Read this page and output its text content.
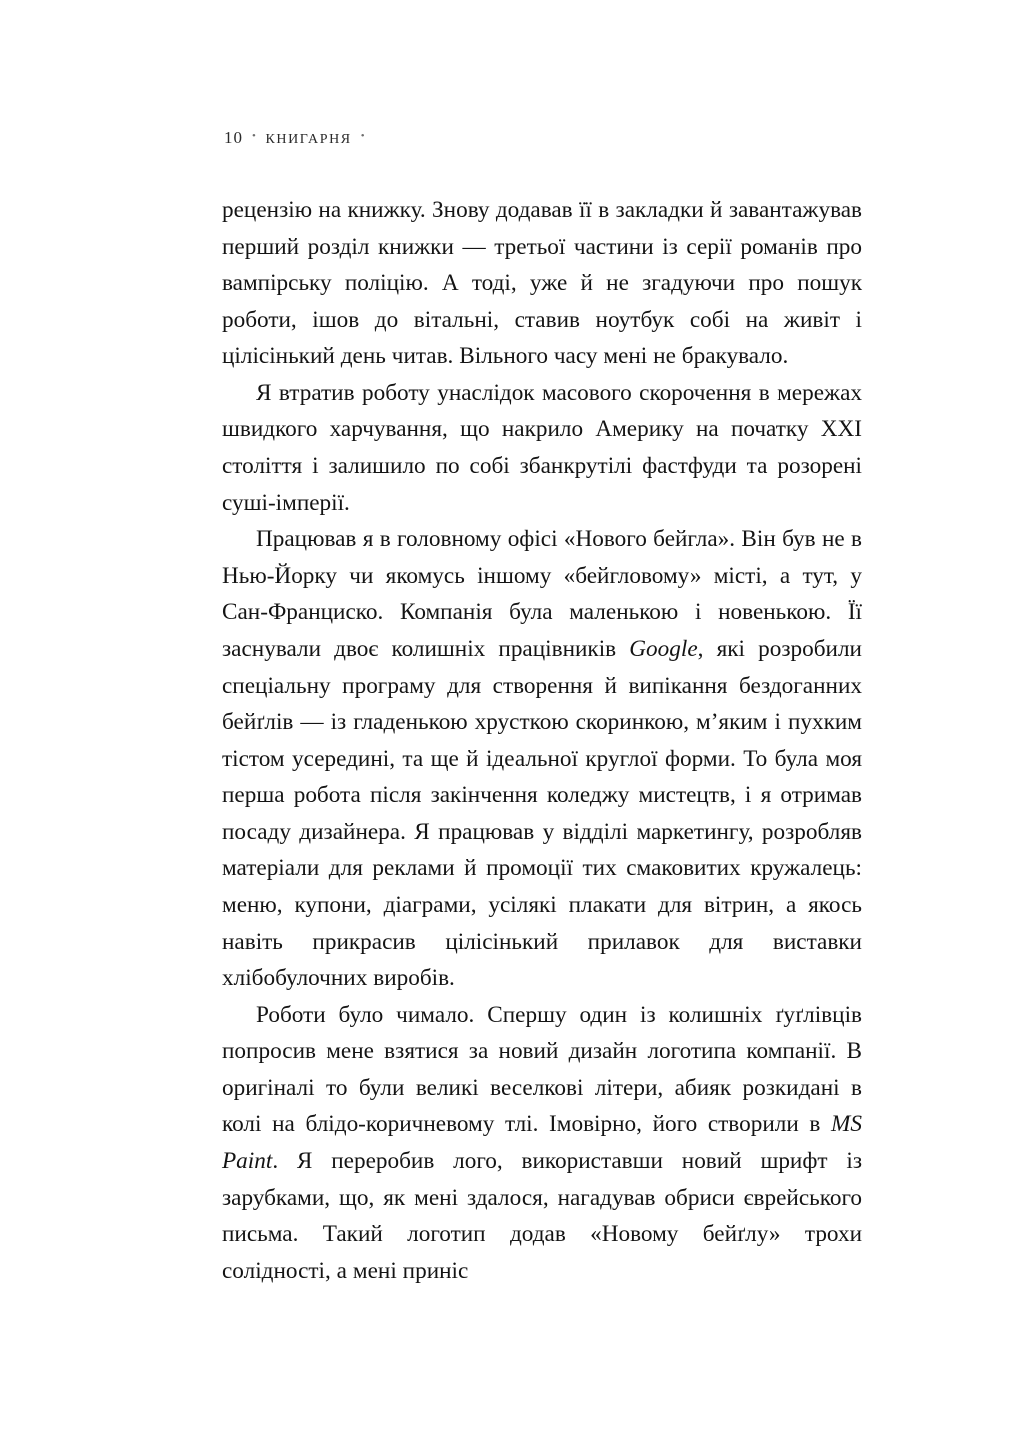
10 • книгарня •

рецензію на книжку. Знову додавав її в закладки й завантажував перший розділ книжки — третьої частини із серії романів про вампірську поліцію. А тоді, уже й не згадуючи про пошук роботи, ішов до вітальні, ставив ноутбук собі на живіт і цілісінький день читав. Вільного часу мені не бракувало.

Я втратив роботу унаслідок масового скорочення в мережах швидкого харчування, що накрило Америку на початку XXI століття і залишило по собі збанкрутілі фастфуди та розорені суші-імперії.

Працював я в головному офісі «Нового бейгла». Він був не в Нью-Йорку чи якомусь іншому «бейгловому» місті, а тут, у Сан-Франциско. Компанія була маленькою і новенькою. Її заснували двоє колишніх працівників Google, які розробили спеціальну програму для створення й випікання бездоганних бейґлів — із гладенькою хрусткою скоринкою, м’яким і пухким тістом усередині, та ще й ідеальної круглої форми. То була моя перша робота після закінчення коледжу мистецтв, і я отримав посаду дизайнера. Я працював у відділі маркетингу, розробляв матеріали для реклами й промоції тих смаковитих кружалець: меню, купони, діаграми, усілякі плакати для вітрин, а якось навіть прикрасив цілісінький прилавок для виставки хлібобулочних виробів.

Роботи було чимало. Спершу один із колишніх ґуґлівців попросив мене взятися за новий дизайн логотипа компанії. В оригіналі то були великі веселкові літери, абияк розкидані в колі на блідо-коричневому тлі. Імовірно, його створили в MS Paint. Я переробив лого, використавши новий шрифт із зарубками, що, як мені здалося, нагадував обриси єврейського письма. Такий логотип додав «Новому бейґлу» трохи солідності, а мені приніс
